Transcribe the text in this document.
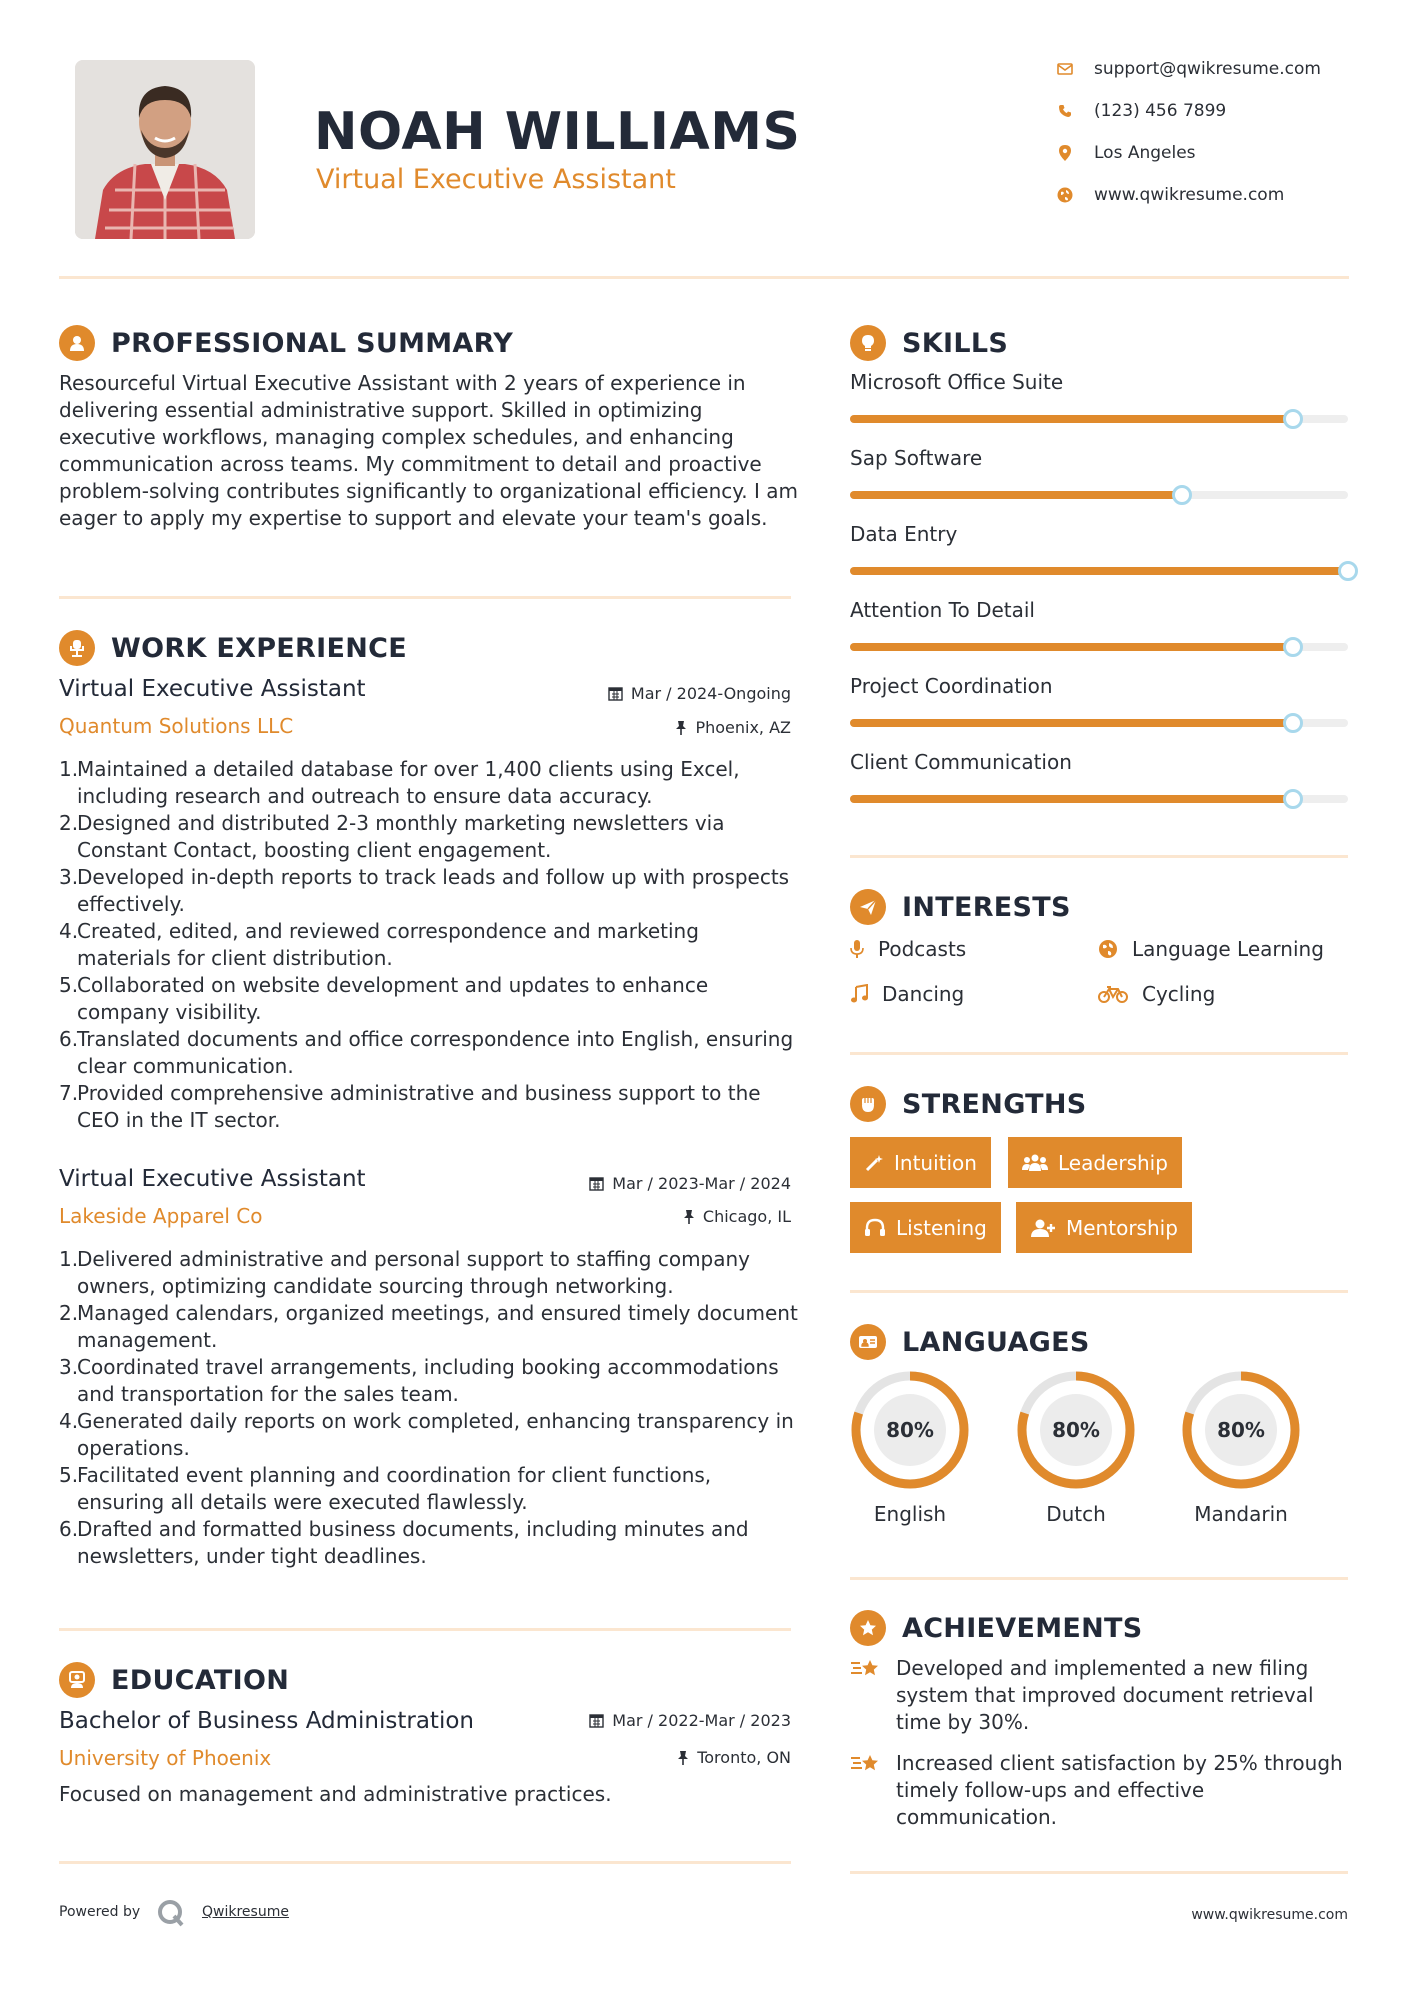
NOAH WILLIAMS
Virtual Executive Assistant
support@qwikresume.com
(123) 456 7899
Los Angeles
www.qwikresume.com
PROFESSIONAL SUMMARY
Resourceful Virtual Executive Assistant with 2 years of experience in delivering essential administrative support. Skilled in optimizing executive workflows, managing complex schedules, and enhancing communication across teams. My commitment to detail and proactive problem-solving contributes significantly to organizational efficiency. I am eager to apply my expertise to support and elevate your team's goals.
WORK EXPERIENCE
Virtual Executive Assistant	Mar / 2024-Ongoing
Quantum Solutions LLC	Phoenix, AZ
1.
Maintained a detailed database for over 1,400 clients using Excel, including research and outreach to ensure data accuracy.
2.
Designed and distributed 2-3 monthly marketing newsletters via Constant Contact, boosting client engagement.
3.
Developed in-depth reports to track leads and follow up with prospects effectively.
4.
Created, edited, and reviewed correspondence and marketing materials for client distribution.
5.
Collaborated on website development and updates to enhance company visibility.
6.
Translated documents and office correspondence into English, ensuring clear communication.
7.
Provided comprehensive administrative and business support to the CEO in the IT sector.
Virtual Executive Assistant	Mar / 2023-Mar / 2024
Lakeside Apparel Co	Chicago, IL
1.
Delivered administrative and personal support to staffing company owners, optimizing candidate sourcing through networking.
2.
Managed calendars, organized meetings, and ensured timely document management.
3.
Coordinated travel arrangements, including booking accommodations and transportation for the sales team.
4.
Generated daily reports on work completed, enhancing transparency in operations.
5.
Facilitated event planning and coordination for client functions, ensuring all details were executed flawlessly.
6.
Drafted and formatted business documents, including minutes and newsletters, under tight deadlines.
EDUCATION
Bachelor of Business Administration	Mar / 2022-Mar / 2023
University of Phoenix	Toronto, ON
Focused on management and administrative practices.
SKILLS
Microsoft Office Suite
Sap Software
Data Entry
Attention To Detail
Project Coordination
Client Communication
INTERESTS
Podcasts	Language Learning
Dancing	Cycling
STRENGTHS
Intuition	Leadership
Listening	Mentorship
LANGUAGES
80%
English
80%
Dutch
80%
Mandarin
ACHIEVEMENTS
Developed and implemented a new filing system that improved document retrieval time by 30%.
Increased client satisfaction by 25% through timely follow-ups and effective communication.
Powered by	Qwikresume	www.qwikresume.com
